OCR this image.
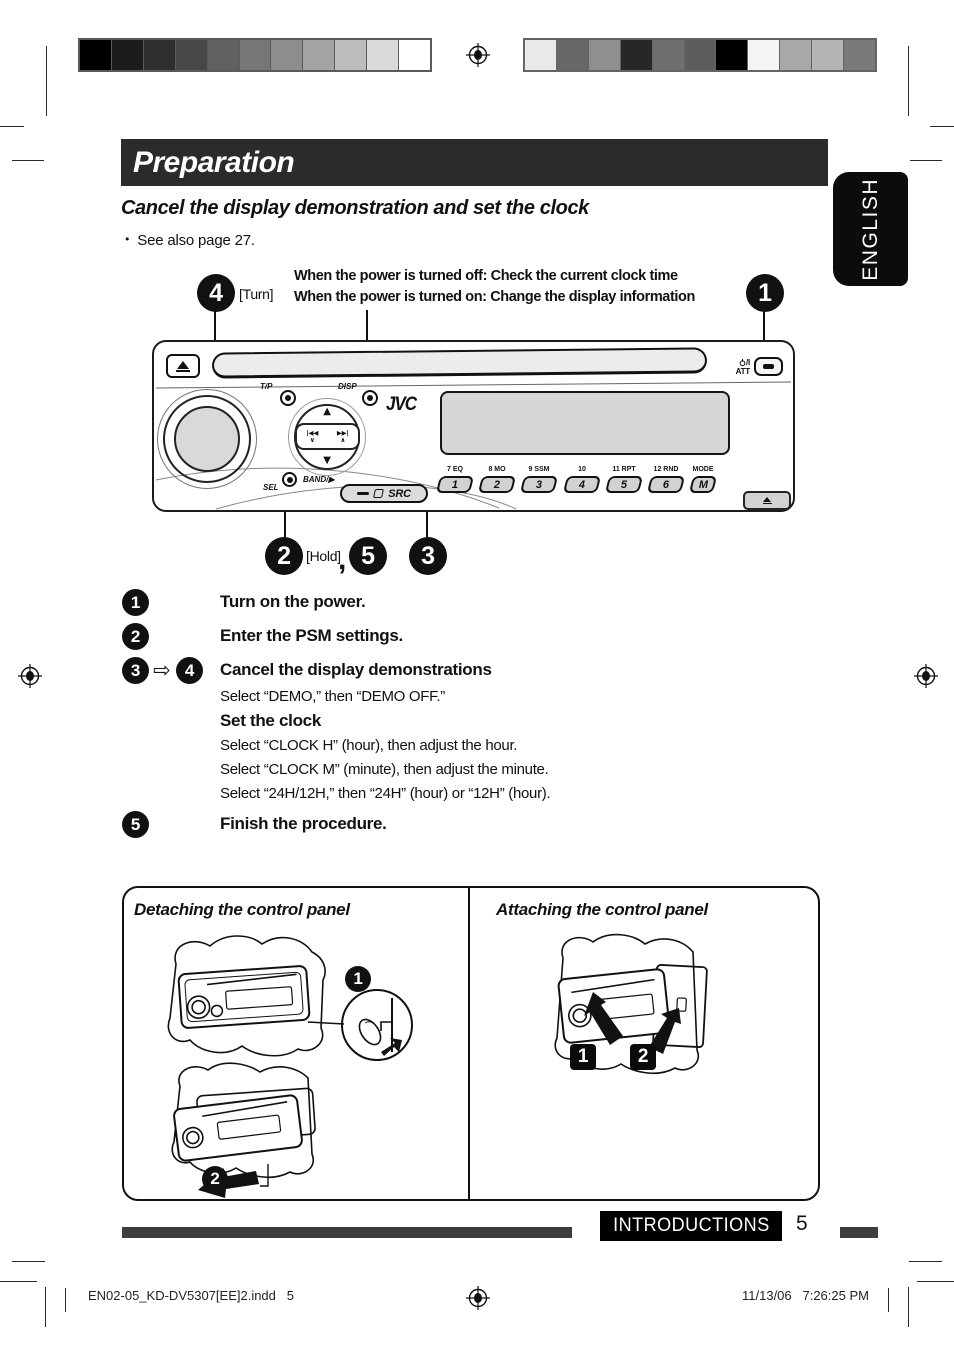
Preparation
ENGLISH
Cancel the display demonstration and set the clock
• See also page 27.
4	[Turn]
When the power is turned off: Check the current clock time
When the power is turned on: Change the display information	1
/I
ATT
T/P	DISP
▲
▼
|◀◀
∨
▶▶|
∧
JVC
SEL
BAND/▶
SRC
7 EQ
1
8 MO
2
9 SSM
3
10
4
11 RPT
5
12 RND
6
MODE
M
2	[Hold]
, 5	3
1	Turn on the power.
2	Enter the PSM settings.
3 ⇨ 4	Cancel the display demonstrations
Select “DEMO,” then “DEMO OFF.”
Set the clock
Select “CLOCK H” (hour), then adjust the hour.
Select “CLOCK M” (minute), then adjust the minute.
Select “24H/12H,” then “24H” (hour) or “12H” (hour).
5	Finish the procedure.
Detaching the control panel	Attaching the control panel
1
2
1	2
INTRODUCTIONS 5
EN02-05_KD-DV5307[EE]2.indd 5	11/13/06 7:26:25 PM
